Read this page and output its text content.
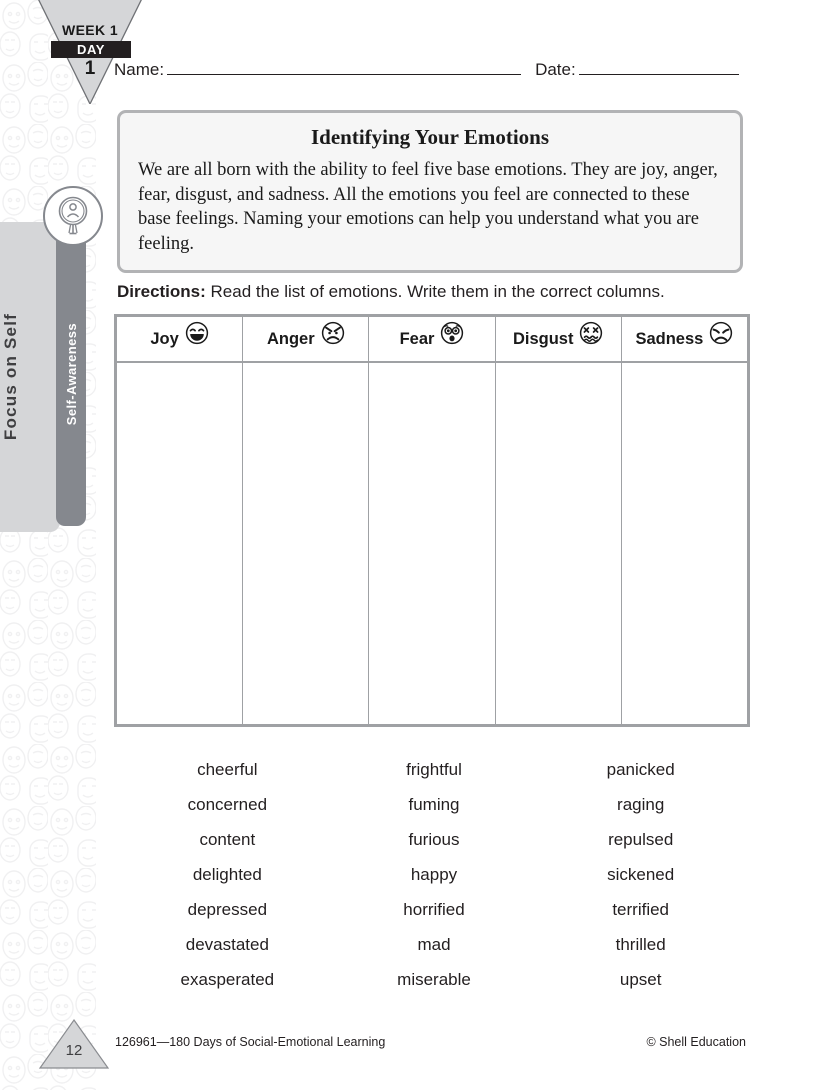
WEEK 1
DAY
1
Focus on Self	Self-Awareness
Name:	Date:

Identifying Your Emotions

We are all born with the ability to feel five base emotions. They are joy, anger, fear, disgust, and sadness. All the emotions you feel are connected to these base feelings. Naming your emotions can help you understand what you are feeling.

Directions: Read the list of emotions. Write them in the correct columns.
Joy	Anger	Fear	Disgust	Sadness
cheerful
concerned
content
delighted
depressed
devastated
exasperated
frightful
fuming
furious
happy
horrified
mad
miserable
panicked
raging
repulsed
sickened
terrified
thrilled
upset
12	126961—180 Days of Social-Emotional Learning	© Shell Education
